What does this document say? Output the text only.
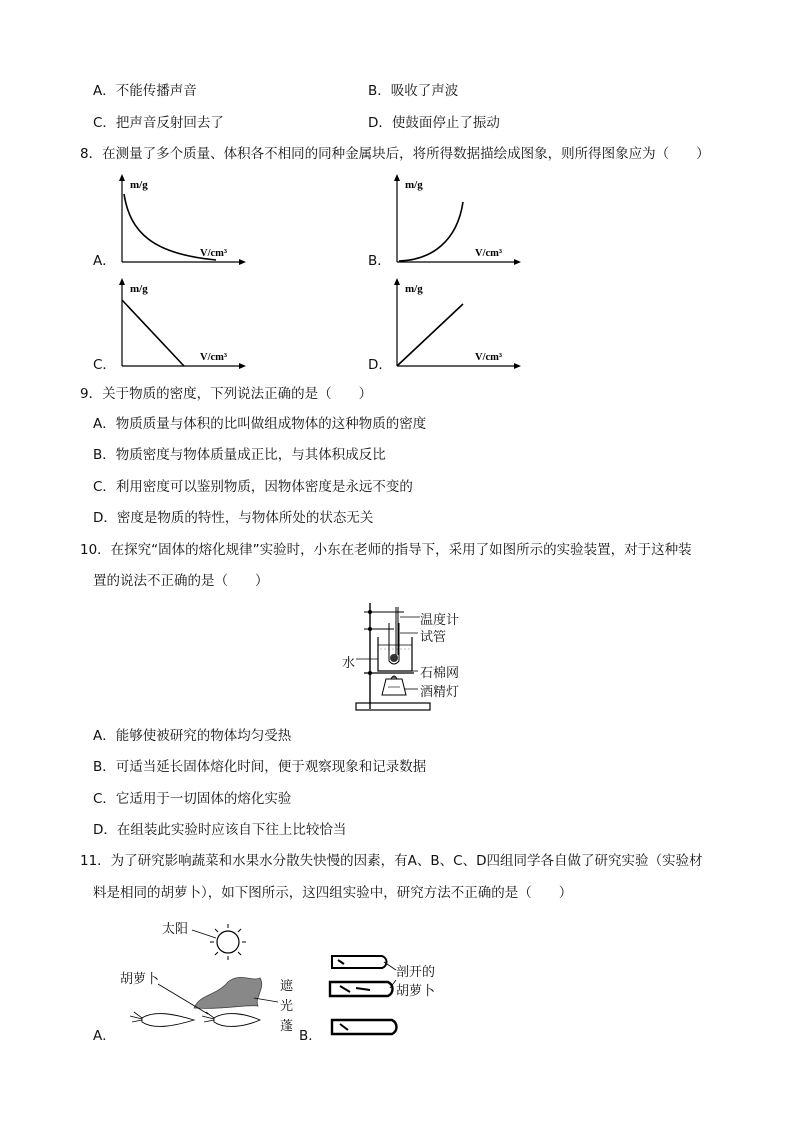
A．不能传播声音	B．吸收了声波
C．把声音反射回去了	D．使鼓面停止了振动
8．在测量了多个质量、体积各不相同的同种金属块后，将所得数据描绘成图象，则所得图象应为（　　）
A．
m/g
V/cm³	B．
m/g
V/cm³
C．
m/g
V/cm³	D．
m/g
V/cm³
9．关于物质的密度，下列说法正确的是（　　）
A．物质质量与体积的比叫做组成物体的这种物质的密度
B．物质密度与物体质量成正比，与其体积成反比
C．利用密度可以鉴别物质，因物体密度是永远不变的
D．密度是物质的特性，与物体所处的状态无关
10．在探究“固体的熔化规律”实验时，小东在老师的指导下，采用了如图所示的实验装置，对于这种装
置的说法不正确的是（　　）
温度计
试管
水
石棉网
酒精灯
A．能够使被研究的物体均匀受热
B．可适当延长固体熔化时间，便于观察现象和记录数据
C．它适用于一切固体的熔化实验
D．在组装此实验时应该自下往上比较恰当
11．为了研究影响蔬菜和水果水分散失快慢的因素，有A、B、C、D四组同学各自做了研究实验（实验材
料是相同的胡萝卜），如下图所示，这四组实验中，研究方法不正确的是（　　）
太阳
胡萝卜	遮
光
蓬
A．
剖开的
胡萝卜
B．
